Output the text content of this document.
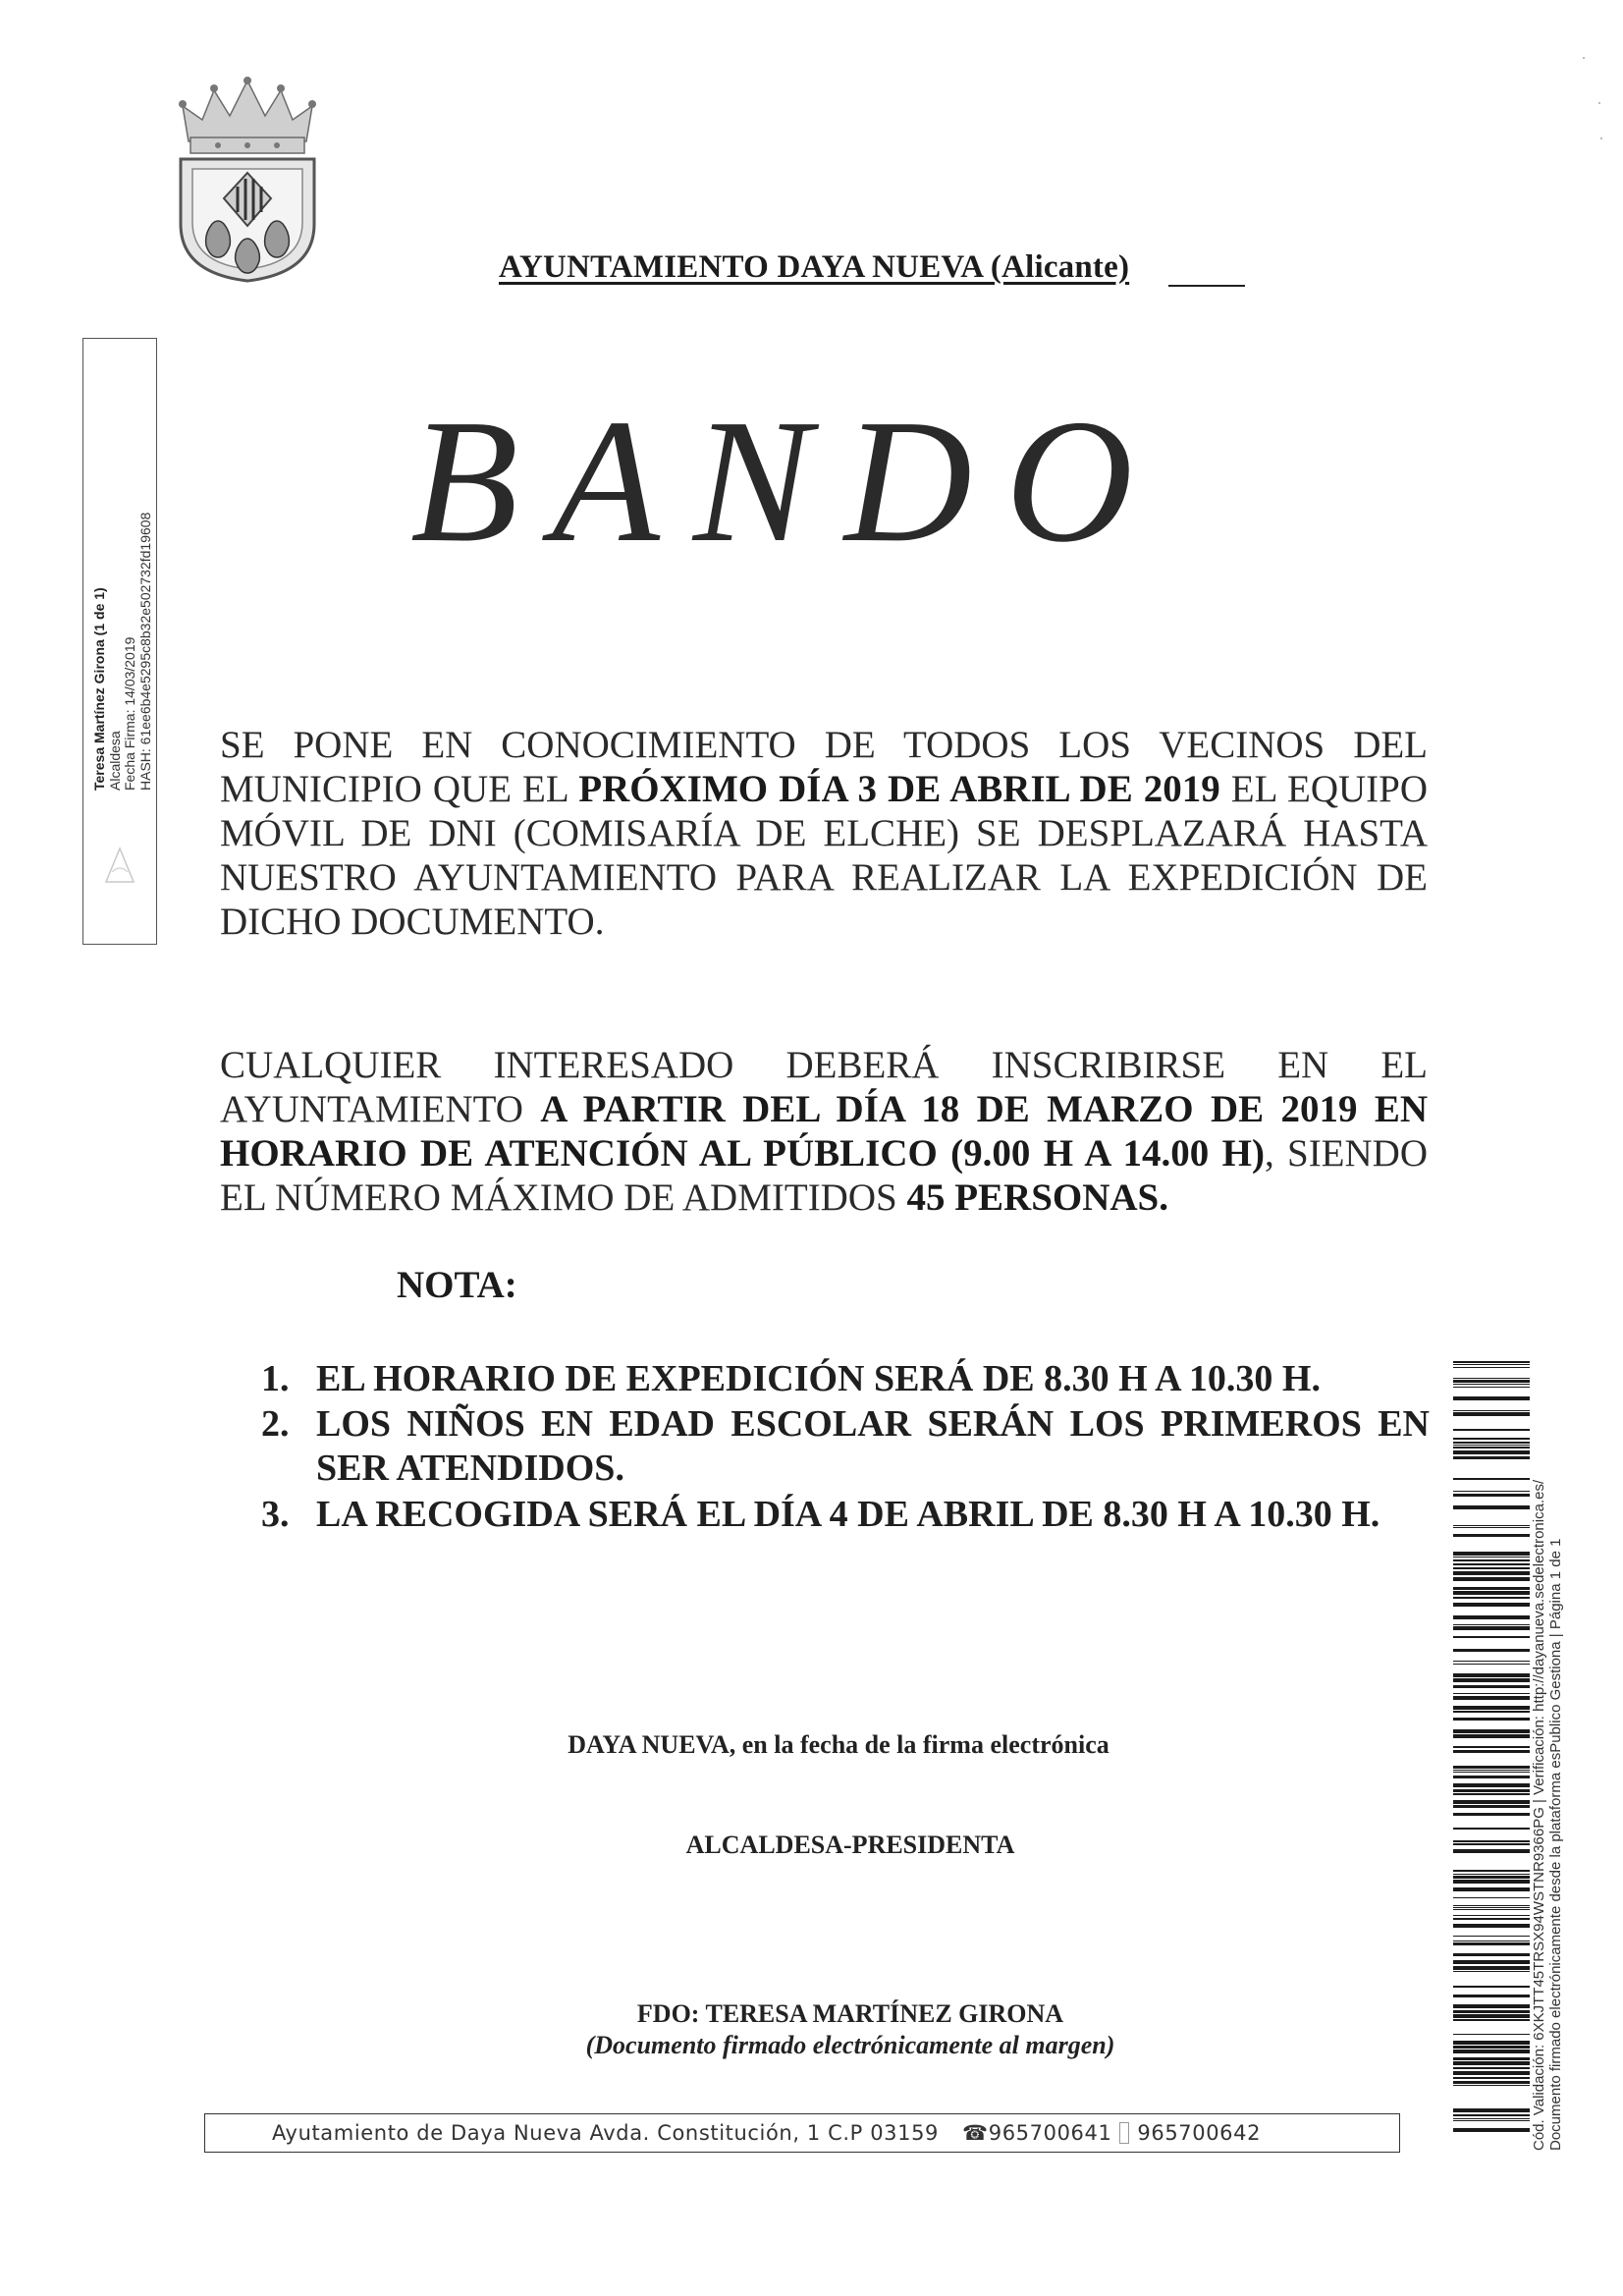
AYUNTAMIENTO DAYA NUEVA (Alicante)
Teresa Martínez Girona (1 de 1) Alcaldesa Fecha Firma: 14/03/2019 HASH: 61ee6b4e5295c8b32e502732fd19608
BANDO
SE PONE EN CONOCIMIENTO DE TODOS LOS VECINOS DEL MUNICIPIO QUE EL PRÓXIMO DÍA 3 DE ABRIL DE 2019 EL EQUIPO MÓVIL DE DNI (COMISARÍA DE ELCHE) SE DESPLAZARÁ HASTA NUESTRO AYUNTAMIENTO PARA REALIZAR LA EXPEDICIÓN DE DICHO DOCUMENTO.
CUALQUIER INTERESADO DEBERÁ INSCRIBIRSE EN EL AYUNTAMIENTO A PARTIR DEL DÍA 18 DE MARZO DE 2019 EN HORARIO DE ATENCIÓN AL PÚBLICO (9.00 H A 14.00 H), SIENDO EL NÚMERO MÁXIMO DE ADMITIDOS 45 PERSONAS.
NOTA:
1. EL HORARIO DE EXPEDICIÓN SERÁ DE 8.30 H A 10.30 H.
2. LOS NIÑOS EN EDAD ESCOLAR SERÁN LOS PRIMEROS EN SER ATENDIDOS.
3. LA RECOGIDA SERÁ EL DÍA 4 DE ABRIL DE 8.30 H A 10.30 H.
DAYA NUEVA, en la fecha de la firma electrónica
ALCALDESA-PRESIDENTA
FDO: TERESA MARTÍNEZ GIRONA
(Documento firmado electrónicamente al margen)
Ayutamiento de Daya Nueva Avda. Constitución, 1 C.P 03159 ☎ 965700641 965700642	Cód. Validación: 6XKJTT45TRSX94WSTNR9366PG | Verificación: http://dayanueva.sedelectronica.es/ Documento firmado electrónicamente desde la plataforma esPublico Gestiona | Página 1 de 1
